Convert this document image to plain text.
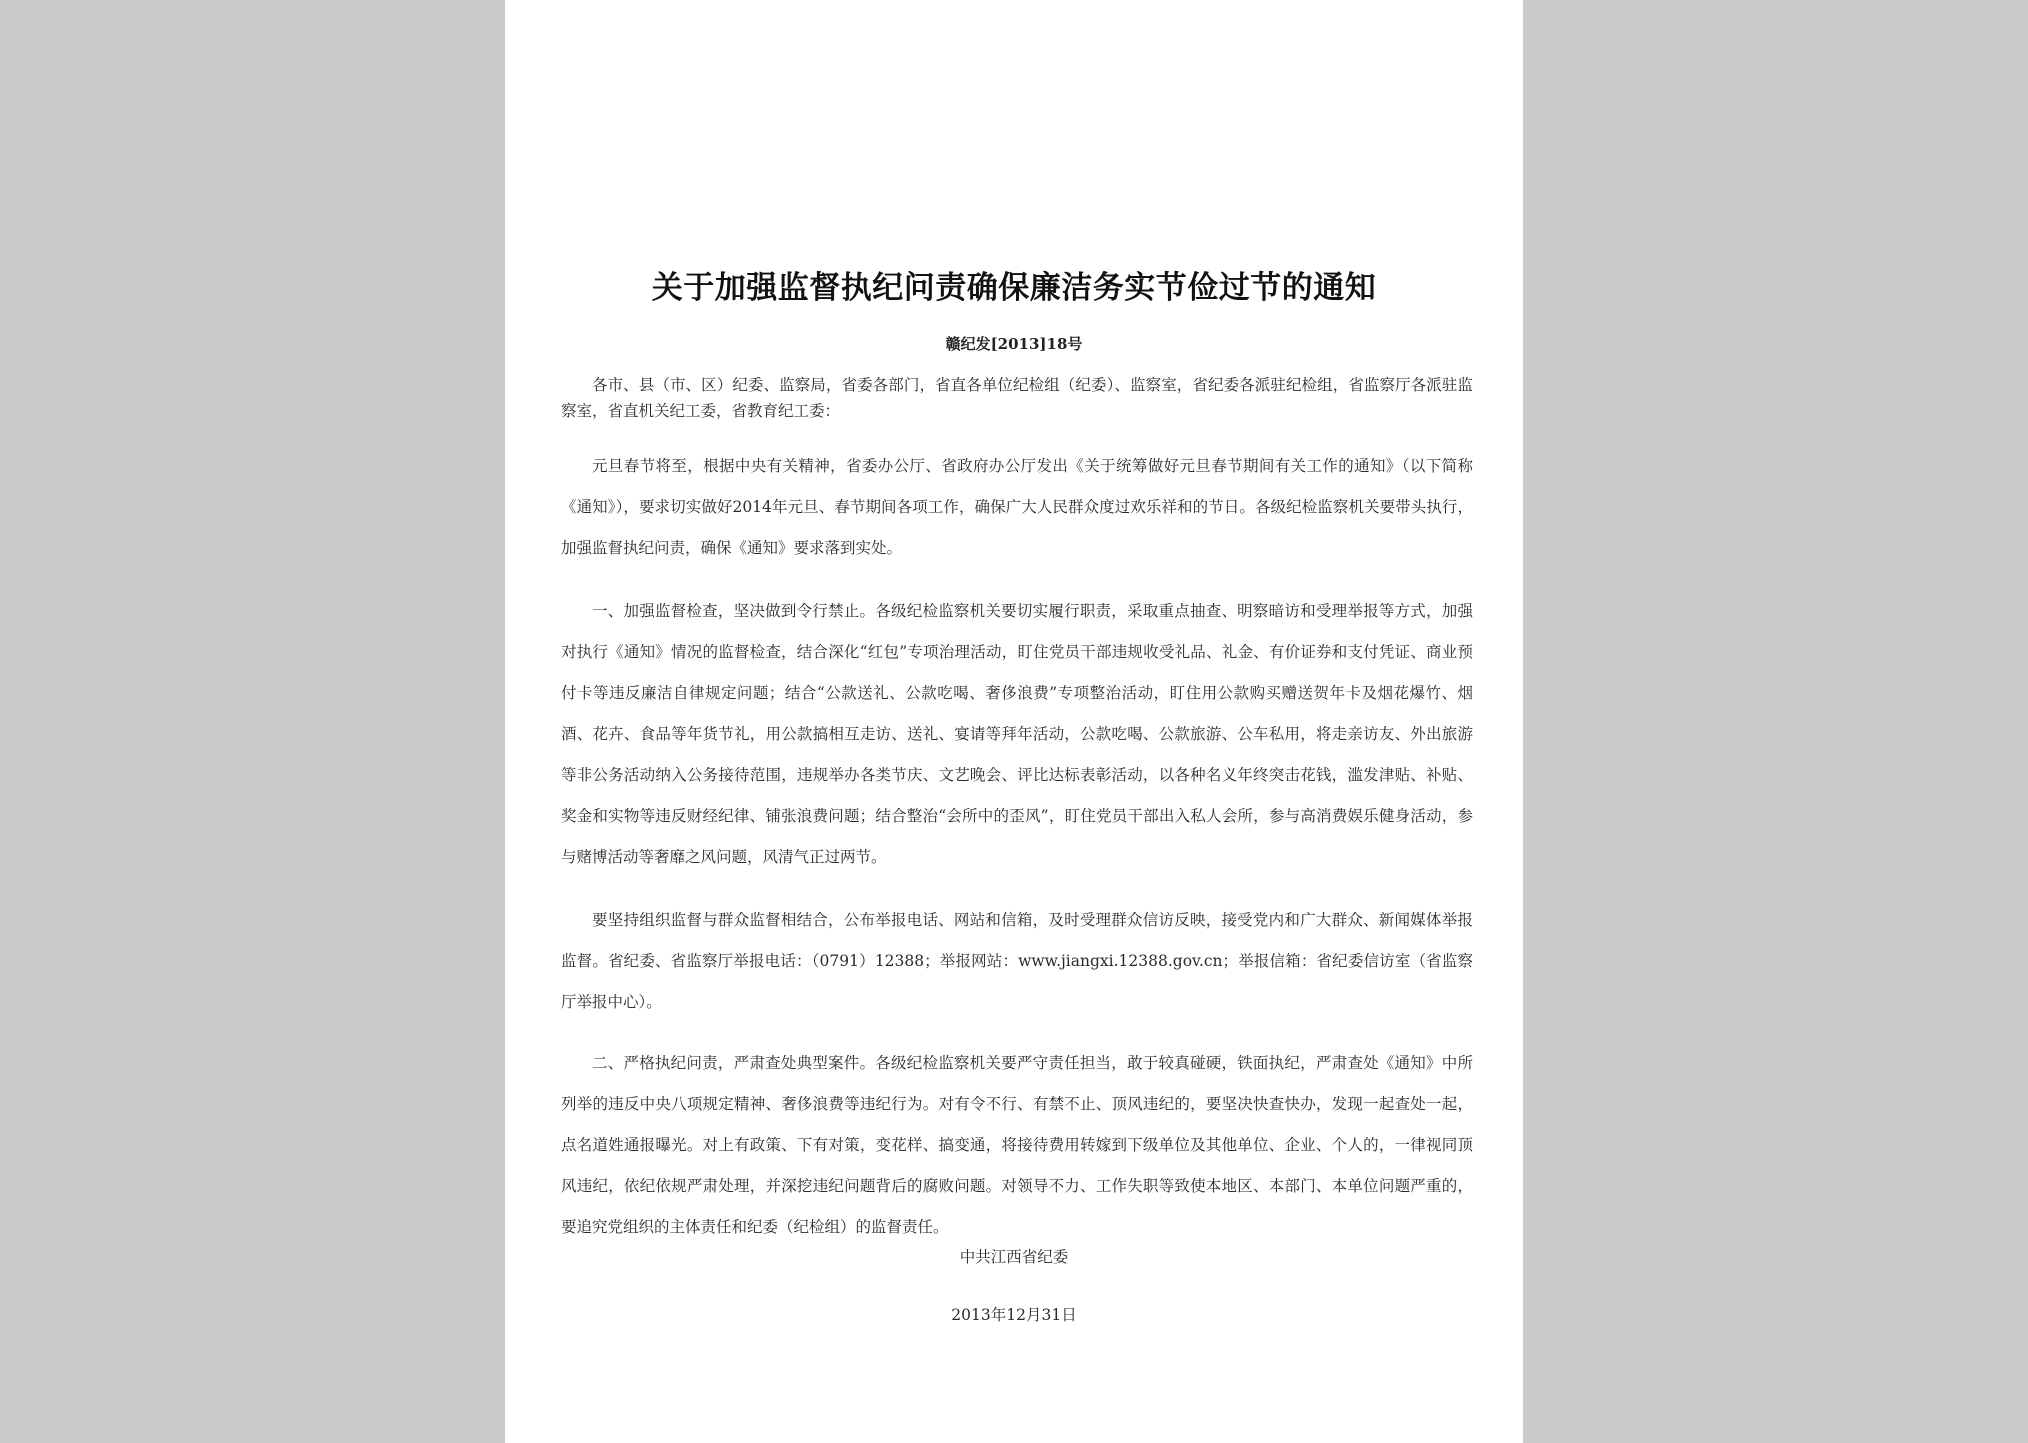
关于加强监督执纪问责确保廉洁务实节俭过节的通知
赣纪发[2013]18号

各市、县（市、区）纪委、监察局，省委各部门，省直各单位纪检组（纪委）、监察室，省纪委各派驻纪检组，省监察厅各派驻监察室，省直机关纪工委，省教育纪工委：

元旦春节将至，根据中央有关精神，省委办公厅、省政府办公厅发出《关于统筹做好元旦春节期间有关工作的通知》（以下简称《通知》），要求切实做好2014年元旦、春节期间各项工作，确保广大人民群众度过欢乐祥和的节日。各级纪检监察机关要带头执行，加强监督执纪问责，确保《通知》要求落到实处。

一、加强监督检查，坚决做到令行禁止。各级纪检监察机关要切实履行职责，采取重点抽查、明察暗访和受理举报等方式，加强对执行《通知》情况的监督检查，结合深化“红包”专项治理活动，盯住党员干部违规收受礼品、礼金、有价证券和支付凭证、商业预付卡等违反廉洁自律规定问题；结合“公款送礼、公款吃喝、奢侈浪费”专项整治活动，盯住用公款购买赠送贺年卡及烟花爆竹、烟酒、花卉、食品等年货节礼，用公款搞相互走访、送礼、宴请等拜年活动，公款吃喝、公款旅游、公车私用，将走亲访友、外出旅游等非公务活动纳入公务接待范围，违规举办各类节庆、文艺晚会、评比达标表彰活动，以各种名义年终突击花钱，滥发津贴、补贴、奖金和实物等违反财经纪律、铺张浪费问题；结合整治“会所中的歪风”，盯住党员干部出入私人会所，参与高消费娱乐健身活动，参与赌博活动等奢靡之风问题，风清气正过两节。

要坚持组织监督与群众监督相结合，公布举报电话、网站和信箱，及时受理群众信访反映，接受党内和广大群众、新闻媒体举报监督。省纪委、省监察厅举报电话：（0791）12388；举报网站：www.jiangxi.12388.gov.cn；举报信箱：省纪委信访室（省监察厅举报中心）。

二、严格执纪问责，严肃查处典型案件。各级纪检监察机关要严守责任担当，敢于较真碰硬，铁面执纪，严肃查处《通知》中所列举的违反中央八项规定精神、奢侈浪费等违纪行为。对有令不行、有禁不止、顶风违纪的，要坚决快查快办，发现一起查处一起，点名道姓通报曝光。对上有政策、下有对策，变花样、搞变通，将接待费用转嫁到下级单位及其他单位、企业、个人的，一律视同顶风违纪，依纪依规严肃处理，并深挖违纪问题背后的腐败问题。对领导不力、工作失职等致使本地区、本部门、本单位问题严重的，要追究党组织的主体责任和纪委（纪检组）的监督责任。

中共江西省纪委
2013年12月31日
